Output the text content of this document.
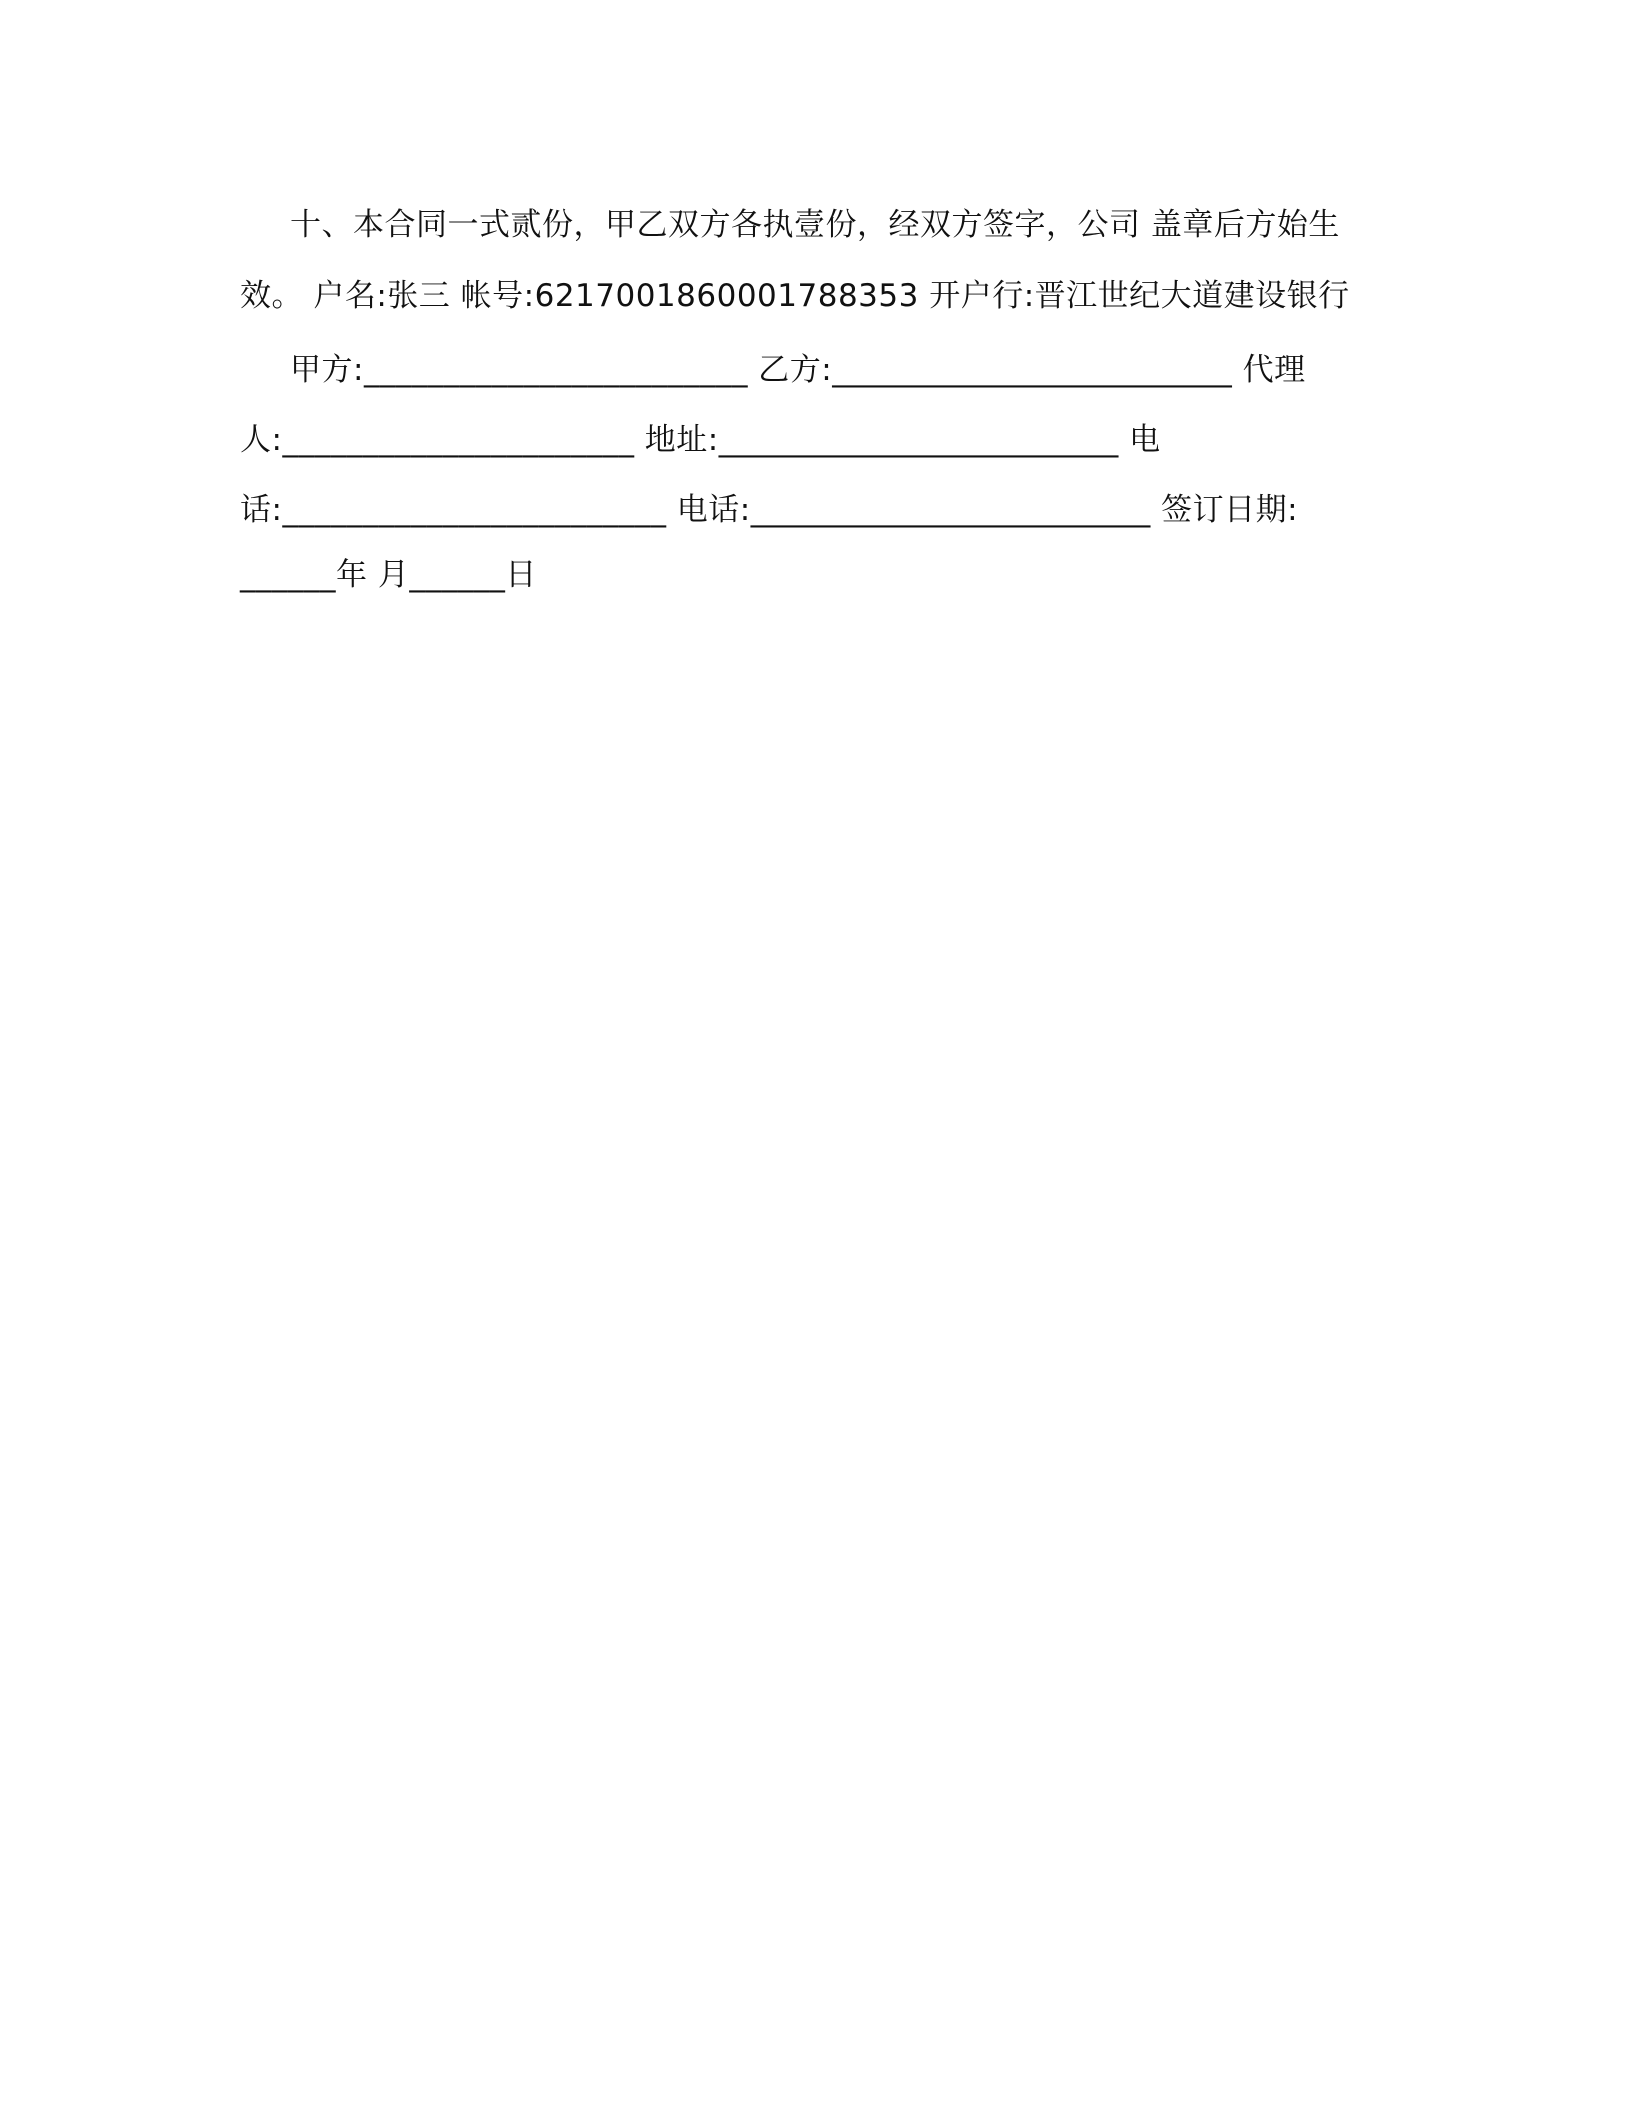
十、本合同一式贰份，甲乙双方各执壹份，经双方签字，公司 盖章后方始生
效。 户名:张三 帐号:6217001860001788353 开户行:晋江世纪大道建设银行
甲方:________________________ 乙方:_________________________ 代理
人:______________________ 地址:_________________________ 电
话:________________________ 电话:_________________________ 签订日期:
______年 月______日
